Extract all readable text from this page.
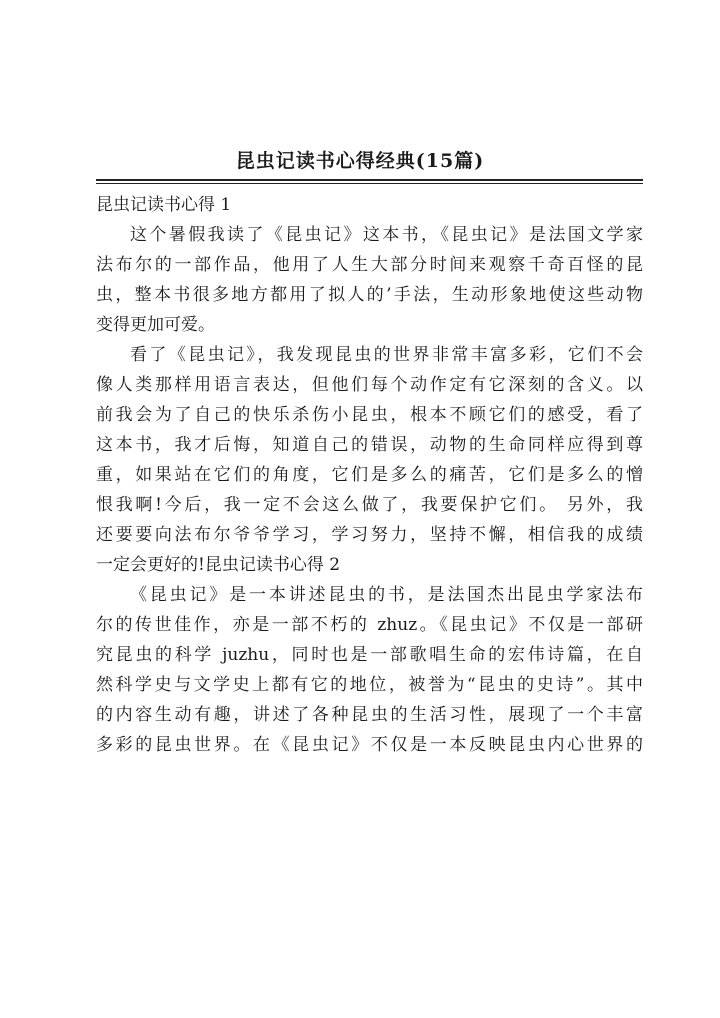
昆虫记读书心得经典(15篇)
昆虫记读书心得 1
这个暑假我读了《昆虫记》这本书，《昆虫记》是法国文学家
法布尔的一部作品，他用了人生大部分时间来观察千奇百怪的昆
虫，整本书很多地方都用了拟人的’手法，生动形象地使这些动物
变得更加可爱。
看了《昆虫记》，我发现昆虫的世界非常丰富多彩，它们不会
像人类那样用语言表达，但他们每个动作定有它深刻的含义。以
前我会为了自己的快乐杀伤小昆虫，根本不顾它们的感受，看了
这本书，我才后悔，知道自己的错误，动物的生命同样应得到尊
重，如果站在它们的角度，它们是多么的痛苦，它们是多么的憎
恨我啊!今后，我一定不会这么做了，我要保护它们。 另外，我
还要要向法布尔爷爷学习，学习努力，坚持不懈，相信我的成绩
一定会更好的!昆虫记读书心得 2
《昆虫记》是一本讲述昆虫的书，是法国杰出昆虫学家法布
尔的传世佳作，亦是一部不朽的 zhuz。《昆虫记》不仅是一部研
究昆虫的科学 juzhu，同时也是一部歌唱生命的宏伟诗篇，在自
然科学史与文学史上都有它的地位，被誉为“昆虫的史诗”。其中
的内容生动有趣，讲述了各种昆虫的生活习性，展现了一个丰富
多彩的昆虫世界。在《昆虫记》不仅是一本反映昆虫内心世界的
